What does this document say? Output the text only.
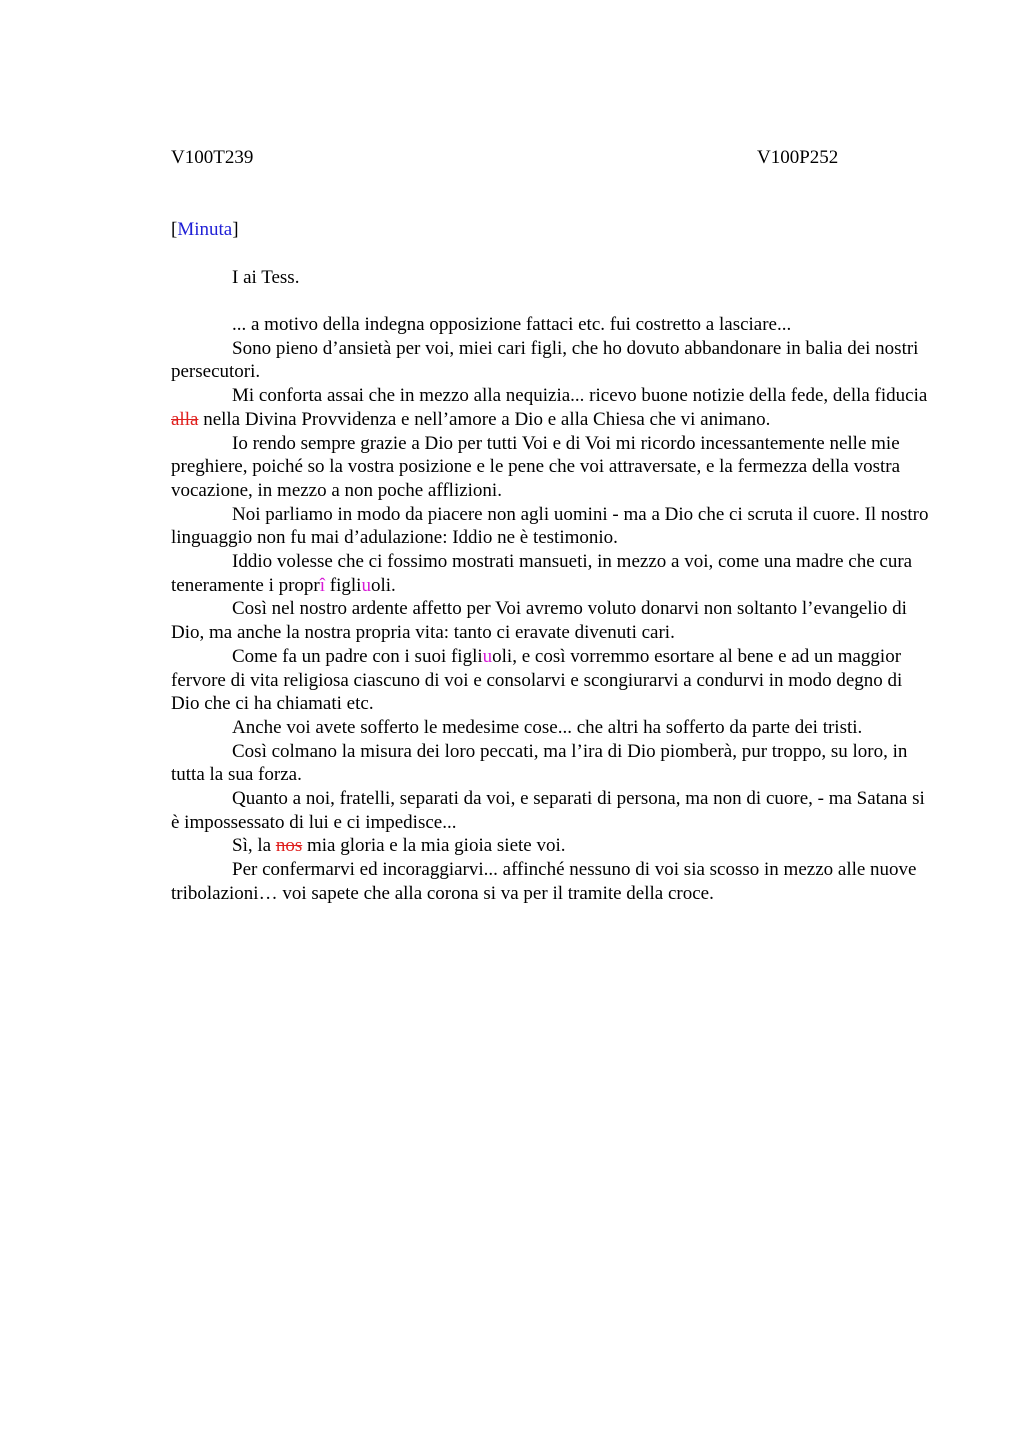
V100T239	V100P252
[Minuta]
I ai Tess.

... a motivo della indegna opposizione fattaci etc. fui costretto a lasciare...

Sono pieno d’ansietà per voi, miei cari figli, che ho dovuto abbandonare in balia dei nostri persecutori.

Mi conforta assai che in mezzo alla nequizia... ricevo buone notizie della fede, della fiducia alla nella Divina Provvidenza e nell’amore a Dio e alla Chiesa che vi animano.

Io rendo sempre grazie a Dio per tutti Voi e di Voi mi ricordo incessantemente nelle mie preghiere, poiché so la vostra posizione e le pene che voi attraversate, e la fermezza della vostra vocazione, in mezzo a non poche afflizioni.

Noi parliamo in modo da piacere non agli uomini - ma a Dio che ci scruta il cuore. Il nostro linguaggio non fu mai d’adulazione: Iddio ne è testimonio.

Iddio volesse che ci fossimo mostrati mansueti, in mezzo a voi, come una madre che cura teneramente i proprî figliuoli.

Così nel nostro ardente affetto per Voi avremo voluto donarvi non soltanto l’evangelio di Dio, ma anche la nostra propria vita: tanto ci eravate divenuti cari.

Come fa un padre con i suoi figliuoli, e così vorremmo esortare al bene e ad un maggior fervore di vita religiosa ciascuno di voi e consolarvi e scongiurarvi a condurvi in modo degno di Dio che ci ha chiamati etc.

Anche voi avete sofferto le medesime cose... che altri ha sofferto da parte dei tristi.

Così colmano la misura dei loro peccati, ma l’ira di Dio piomberà, pur troppo, su loro, in tutta la sua forza.

Quanto a noi, fratelli, separati da voi, e separati di persona, ma non di cuore, - ma Satana si è impossessato di lui e ci impedisce...

Sì, la nos mia gloria e la mia gioia siete voi.

Per confermarvi ed incoraggiarvi... affinché nessuno di voi sia scosso in mezzo alle nuove tribolazioni… voi sapete che alla corona si va per il tramite della croce.
